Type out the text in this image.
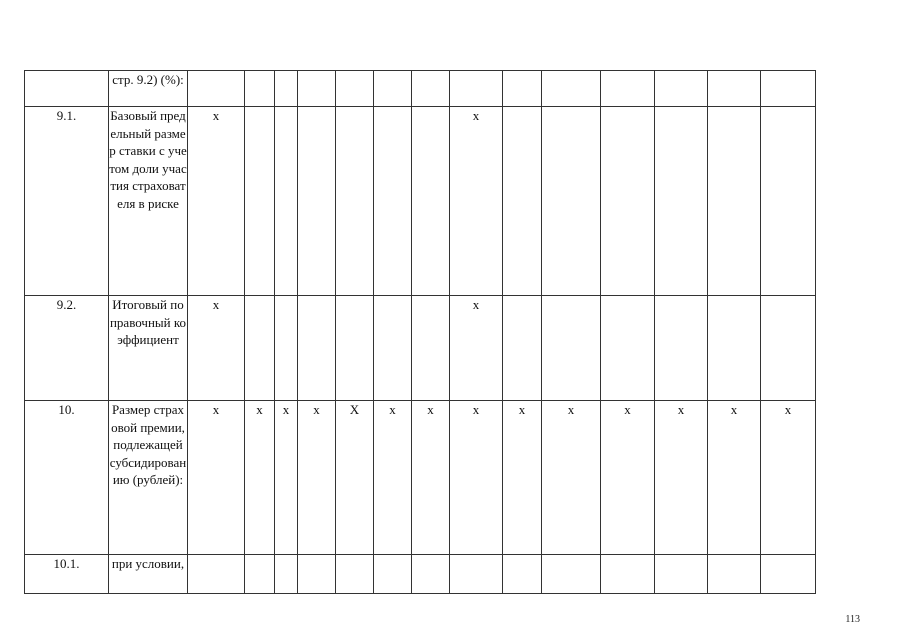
	стр. 9.2) (%):														
9.1.	Базовый предельный размер ставки с учетом доли участия страхователя в риске	x							x						
9.2.	Итоговый поправочный коэффициент	x							x						
10.	Размер страховой премии, подлежащей субсидированию (рублей):	x	x	x	x	X	x	x	x	x	x	x	x	x	x
10.1.	при условии,														
113
